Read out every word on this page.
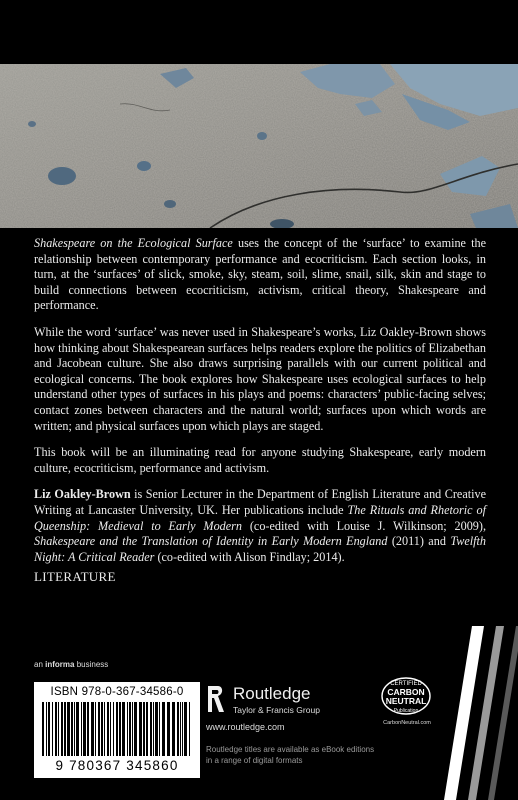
Shakespeare on the Ecological Surface uses the concept of the ‘surface’ to examine the relationship between contemporary performance and ecocriticism. Each section looks, in turn, at the ‘surfaces’ of slick, smoke, sky, steam, soil, slime, snail, silk, skin and stage to build connections between ecocriticism, activism, critical theory, Shakespeare and performance.

While the word ‘surface’ was never used in Shakespeare’s works, Liz Oakley-Brown shows how thinking about Shakespearean surfaces helps readers explore the politics of Elizabethan and Jacobean culture. She also draws surprising parallels with our current political and ecological concerns. The book explores how Shakespeare uses ecological surfaces to help understand other types of surfaces in his plays and poems: characters’ public-facing selves; contact zones between characters and the natural world; surfaces upon which words are written; and physical surfaces upon which plays are staged.

This book will be an illuminating read for anyone studying Shakespeare, early modern culture, ecocriticism, performance and activism.

Liz Oakley-Brown is Senior Lecturer in the Department of English Literature and Creative Writing at Lancaster University, UK. Her publications include The Rituals and Rhetoric of Queenship: Medieval to Early Modern (co-edited with Louise J. Wilkinson; 2009), Shakespeare and the Translation of Identity in Early Modern England (2011) and Twelfth Night: A Critical Reader (co-edited with Alison Findlay; 2014).

LITERATURE
an informa business
ISBN 978-0-367-34586-0
9 780367 345860
Routledge
Taylor & Francis Group
www.routledge.com
Routledge titles are available as eBook editions
in a range of digital formats
CERTIFIED
CARBON
NEUTRAL
Publication
CarbonNeutral.com
